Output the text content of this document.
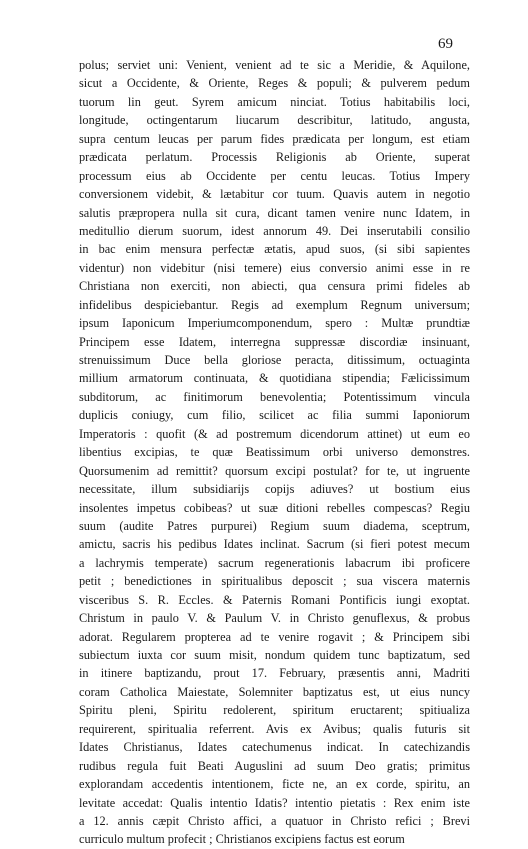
69
polus; serviet uni: Venient, venient ad te sic a Meridie, & Aquilone,
sicut a Occidente, & Oriente, Reges & populi; & pulverem pedum
tuorum lin geut. Syrem amicum ninciat. Totius habitabilis loci,
longitude, octingentarum liucarum describitur, latitudo, angusta,
supra centum leucas per parum fides prædicata per longum, est etiam
prædicata perlatum. Processis Religionis ab Oriente, superat
processum eius ab Occidente per centu leucas. Totius Impery
conversionem videbit, & lætabitur cor tuum. Quavis autem in negotio
salutis præpropera nulla sit cura, dicant tamen venire nunc Idatem, in
meditullio dierum suorum, idest annorum 49. Dei inserutabili consilio
in bac enim mensura perfectæ ætatis, apud suos, (si sibi sapientes
videntur) non videbitur (nisi temere) eius conversio animi esse in re
Christiana non exerciti, non abiecti, qua censura primi fideles ab
infidelibus despiciebantur. Regis ad exemplum Regnum universum;
ipsum Iaponicum Imperiumcomponendum, spero : Multæ prundtiæ
Principem esse Idatem, interregna suppressæ discordiæ insinuant,
strenuissimum Duce bella gloriose peracta, ditissimum, octuaginta
millium armatorum continuata, & quotidiana stipendia; Fælicissimum
subditorum, ac finitimorum benevolentia; Potentissimum vincula
duplicis coniugy, cum filio, scilicet ac filia summi Iaponiorum
Imperatoris : quofit (& ad postremum dicendorum attinet) ut eum eo
libentius excipias, te quæ Beatissimum orbi universo demonstres.
Quorsumenim ad remittit? quorsum excipi postulat? for te, ut ingruente
necessitate, illum subsidiarijs copijs adiuves? ut bostium eius
insolentes impetus cobibeas? ut suæ ditioni rebelles compescas? Regiu
suum (audite Patres purpurei) Regium suum diadema, sceptrum,
amictu, sacris his pedibus Idates inclinat. Sacrum (si fieri potest mecum
a lachrymis temperate) sacrum regenerationis labacrum ibi proficere
petit ; benedictiones in spiritualibus deposcit ; sua viscera maternis
visceribus S. R. Eccles. & Paternis Romani Pontificis iungi exoptat.
Christum in paulo V. & Paulum V. in Christo genuflexus, & probus
adorat. Regularem propterea ad te venire rogavit ; & Principem sibi
subiectum iuxta cor suum misit, nondum quidem tunc baptizatum, sed
in itinere baptizandu, prout 17. February, præsentis anni, Madriti
coram Catholica Maiestate, Solemniter baptizatus est, ut eius nuncy
Spiritu pleni, Spiritu redolerent, spiritum eructarent; spitiualiza
requirerent, spiritualia referrent. Avis ex Avibus; qualis futuris sit
Idates Christianus, Idates catechumenus indicat. In catechizandis
rudibus regula fuit Beati Auguslini ad suum Deo gratis; primitus
explorandam accedentis intentionem, ficte ne, an ex corde, spiritu, an
levitate accedat: Qualis intentio Idatis? intentio pietatis : Rex enim iste
a 12. annis cæpit Christo affici, a quatuor in Christo refici ; Brevi
curriculo multum profecit ; Christianos excipiens factus est eorum
